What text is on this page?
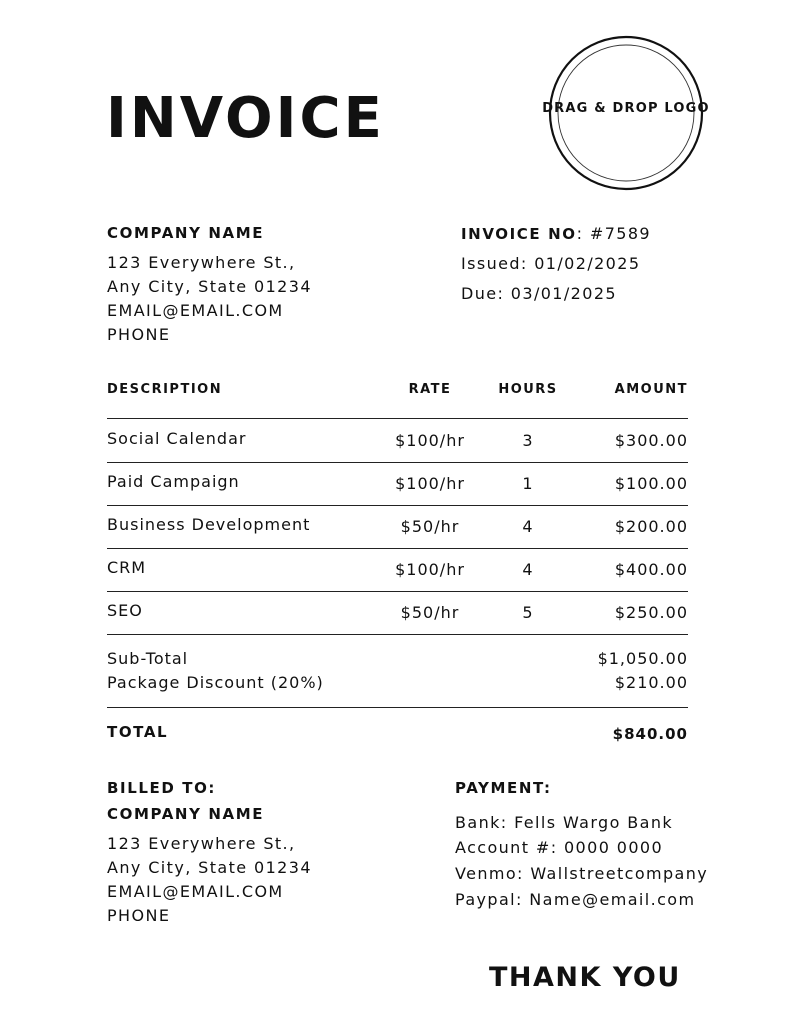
INVOICE	DRAG & DROP LOGO
COMPANY NAME
123 Everywhere St.,
Any City, State 01234
EMAIL@EMAIL.COM
PHONE
INVOICE NO: #7589
Issued: 01/02/2025
Due: 03/01/2025
DESCRIPTION	RATE	HOURS	AMOUNT
Social Calendar	$100/hr	3	$300.00
Paid Campaign	$100/hr	1	$100.00
Business Development	$50/hr	4	$200.00
CRM	$100/hr	4	$400.00
SEO	$50/hr	5	$250.00
Sub-Total	$1,050.00
Package Discount (20%)	$210.00
TOTAL	$840.00
BILLED TO:
COMPANY NAME
123 Everywhere St.,
Any City, State 01234
EMAIL@EMAIL.COM
PHONE
PAYMENT:
Bank: Fells Wargo Bank
Account #: 0000 0000
Venmo: Wallstreetcompany
Paypal: Name@email.com
THANK YOU
